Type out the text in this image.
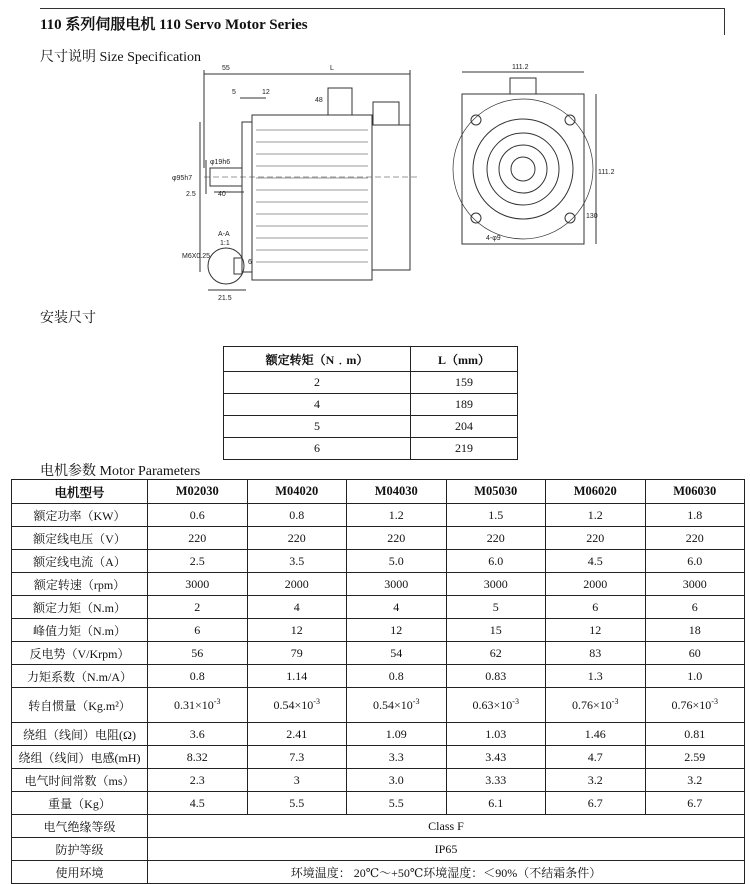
110 系列伺服电机 110 Servo Motor Series
尺寸说明 Size Specification
55	L
5	12
48
φ95h7
φ19h6
2.5	40
111.2
111.2
130
4-φ9
A-A
1:1
M6X0.25
6
21.5
安装尺寸
额定转矩（N﹒m）	L（mm）
2	159
4	189
5	204
6	219
电机参数 Motor Parameters
电机型号	M02030	M04020	M04030	M05030	M06020	M06030
额定功率（KW）	0.6	0.8	1.2	1.5	1.2	1.8
额定线电压（V）	220	220	220	220	220	220
额定线电流（A）	2.5	3.5	5.0	6.0	4.5	6.0
额定转速（rpm）	3000	2000	3000	3000	2000	3000
额定力矩（N.m）	2	4	4	5	6	6
峰值力矩（N.m）	6	12	12	15	12	18
反电势（V/Krpm）	56	79	54	62	83	60
力矩系数（N.m/A）	0.8	1.14	0.8	0.83	1.3	1.0
转自惯量（Kg.m²）	$0.31\times 10^{-3}$	$0.54\times 10^{-3}$	$0.54\times 10^{-3}$	$0.63\times 10^{-3}$	$0.76\times 10^{-3}$	$0.76\times 10^{-3}$
绕组（线间）电阻(Ω)	3.6	2.41	1.09	1.03	1.46	0.81
绕组（线间）电感(mH)	8.32	7.3	3.3	3.43	4.7	2.59
电气时间常数（ms）	2.3	3	3.0	3.33	3.2	3.2
重量（Kg）	4.5	5.5	5.5	6.1	6.7	6.7
电气绝缘等级	Class F					
防护等级	IP65					
使用环境	环境温度： 20℃～+50℃环境湿度：＜90%（不结霜条件）					
